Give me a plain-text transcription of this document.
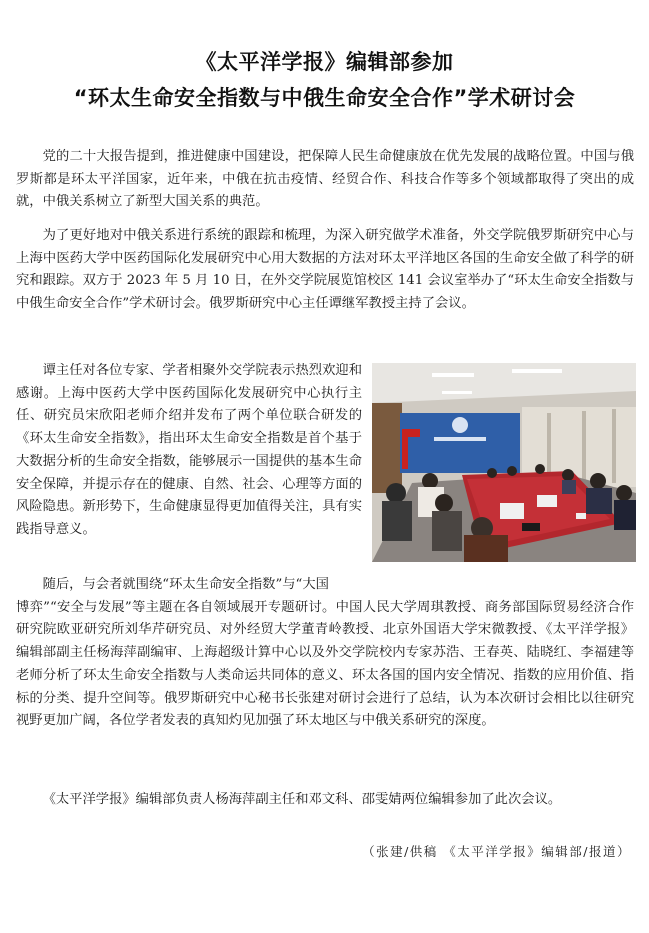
《太平洋学报》编辑部参加
“环太生命安全指数与中俄生命安全合作”学术研讨会

党的二十大报告提到，推进健康中国建设，把保障人民生命健康放在优先发展的战略位置。中国与俄罗斯都是环太平洋国家，近年来，中俄在抗击疫情、经贸合作、科技合作等多个领域都取得了突出的成就，中俄关系树立了新型大国关系的典范。

为了更好地对中俄关系进行系统的跟踪和梳理，为深入研究做学术准备，外交学院俄罗斯研究中心与上海中医药大学中医药国际化发展研究中心用大数据的方法对环太平洋地区各国的生命安全做了科学的研究和跟踪。双方于 2023 年 5 月 10 日，在外交学院展览馆校区 141 会议室举办了“环太生命安全指数与中俄生命安全合作”学术研讨会。俄罗斯研究中心主任谭继军教授主持了会议。

谭主任对各位专家、学者相聚外交学院表示热烈欢迎和感谢。上海中医药大学中医药国际化发展研究中心执行主任、研究员宋欣阳老师介绍并发布了两个单位联合研发的《环太生命安全指数》，指出环太生命安全指数是首个基于大数据分析的生命安全指数，能够展示一国提供的基本生命安全保障，并提示存在的健康、自然、社会、心理等方面的风险隐患。新形势下，生命健康显得更加值得关注，具有实践指导意义。

随后，与会者就围绕“环太生命安全指数”与“大国
博弈”“安全与发展”等主题在各自领域展开专题研讨。中国人民大学周琪教授、商务部国际贸易经济合作研究院欧亚研究所刘华芹研究员、对外经贸大学董青岭教授、北京外国语大学宋微教授、《太平洋学报》编辑部副主任杨海萍副编审、上海超级计算中心以及外交学院校内专家苏浩、王春英、陆晓红、李福建等老师分析了环太生命安全指数与人类命运共同体的意义、环太各国的国内安全情况、指数的应用价值、指标的分类、提升空间等。俄罗斯研究中心秘书长张建对研讨会进行了总结，认为本次研讨会相比以往研究视野更加广阔，各位学者发表的真知灼见加强了环太地区与中俄关系研究的深度。

《太平洋学报》编辑部负责人杨海萍副主任和邓文科、邵雯婧两位编辑参加了此次会议。

（张建/供稿 《太平洋学报》编辑部/报道）
